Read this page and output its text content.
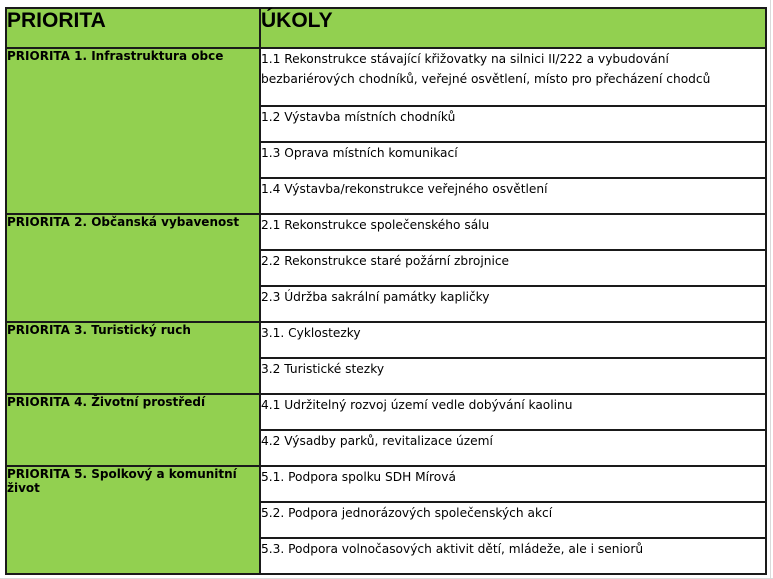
PRIORITA	ÚKOLY
PRIORITA 1. Infrastruktura obce	1.1 Rekonstrukce stávající křižovatky na silnici II/222 a vybudování bezbariérových chodníků, veřejné osvětlení, místo pro přecházení chodců
	1.2 Výstavba místních chodníků
	1.3 Oprava místních komunikací
	1.4 Výstavba/rekonstrukce veřejného osvětlení
PRIORITA 2. Občanská vybavenost	2.1 Rekonstrukce společenského sálu
	2.2 Rekonstrukce staré požární zbrojnice
	2.3 Údržba sakrální památky kapličky
PRIORITA 3. Turistický ruch	3.1. Cyklostezky
	3.2 Turistické stezky
PRIORITA 4. Životní prostředí	4.1 Udržitelný rozvoj území vedle dobývání kaolinu
	4.2 Výsadby parků, revitalizace území
PRIORITA 5. Spolkový a komunitní život	5.1. Podpora spolku SDH Mírová
	5.2. Podpora jednorázových společenských akcí
	5.3. Podpora volnočasových aktivit dětí, mládeže, ale i seniorů
